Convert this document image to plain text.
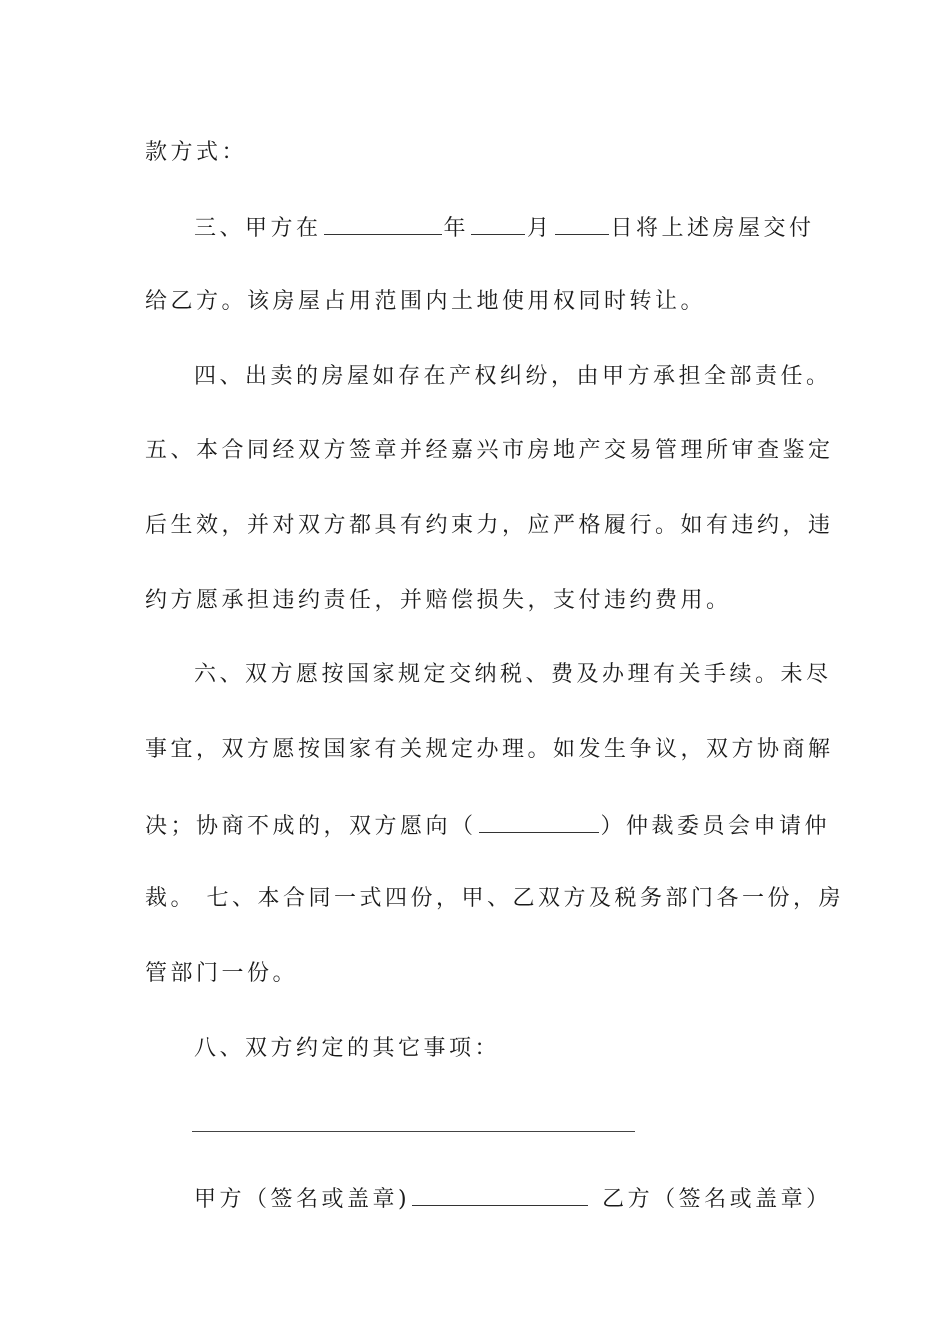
款方式：
三、甲方在	年	月	日将上述房屋交付
给乙方。该房屋占用范围内土地使用权同时转让。
四、出卖的房屋如存在产权纠纷，由甲方承担全部责任。
五、本合同经双方签章并经嘉兴市房地产交易管理所审查鉴定
后生效，并对双方都具有约束力，应严格履行。如有违约，违
约方愿承担违约责任，并赔偿损失，支付违约费用。
六、双方愿按国家规定交纳税、费及办理有关手续。未尽
事宜，双方愿按国家有关规定办理。如发生争议，双方协商解
决；协商不成的，双方愿向（	）仲裁委员会申请仲
裁。 七、本合同一式四份，甲、乙双方及税务部门各一份，房
管部门一份。
八、双方约定的其它事项：
甲方（签名或盖章)	乙方（签名或盖章）
